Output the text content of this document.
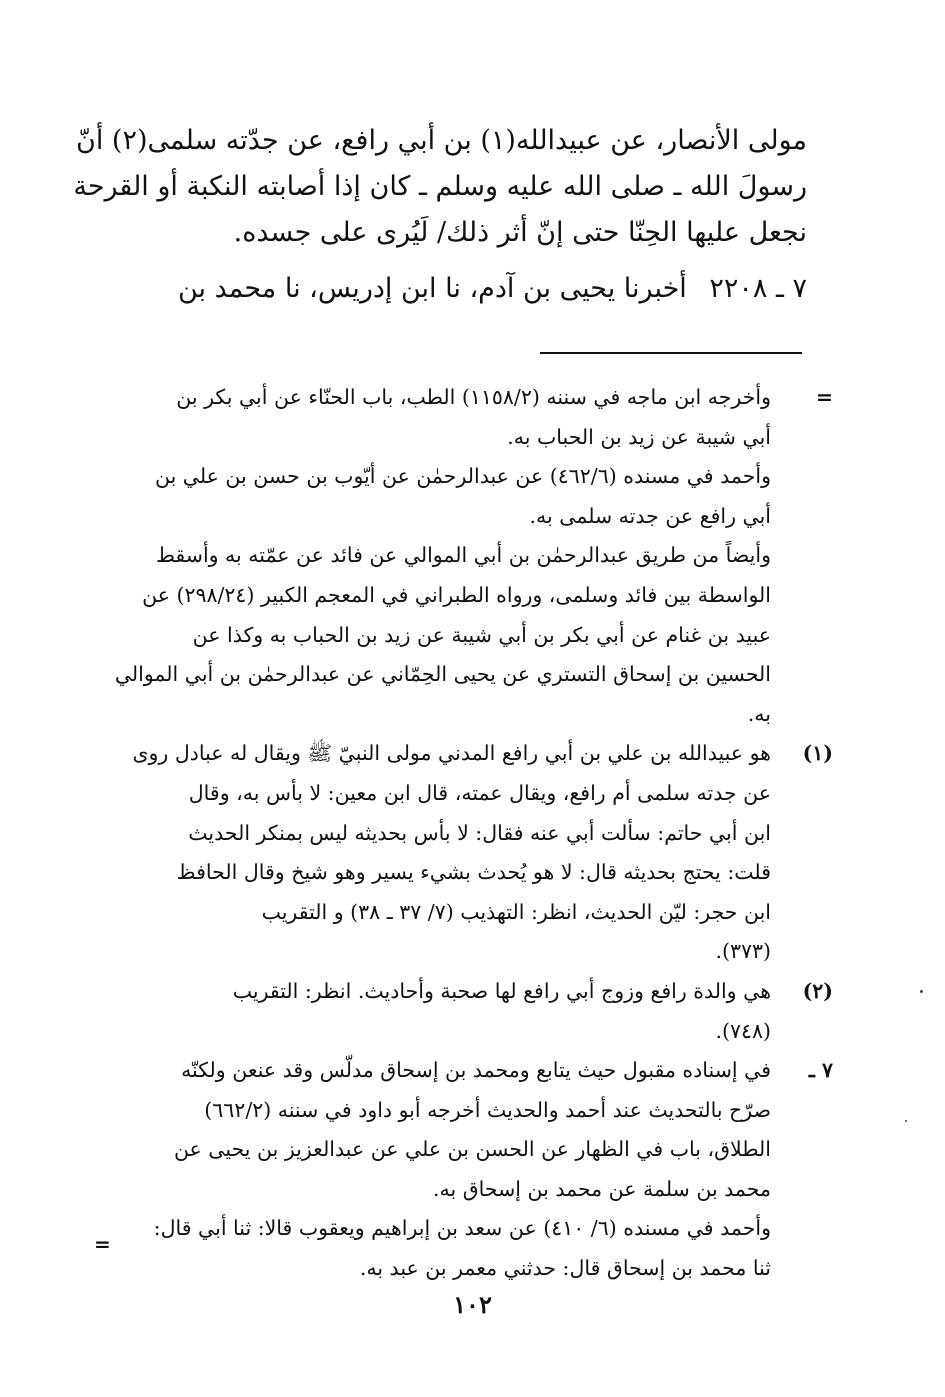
مولى الأنصار، عن عبيدالله(١) بن أبي رافع، عن جدّته سلمى(٢) أنّ
رسولَ الله ـ صلى الله عليه وسلم ـ كان إذا أصابته النكبة أو القرحة
نجعل عليها الحِنّا حتى إنّ أثر ذلك/ لَيُرى على جسده.
٧ ـ ٢٢٠٨ أخبرنا يحيى بن آدم، نا ابن إدريس، نا محمد بن
=
وأخرجه ابن ماجه في سننه (١١٥٨/٢) الطب، باب الحنّاء عن أبي بكر بن
أبي شيبة عن زيد بن الحباب به.
وأحمد في مسنده (٤٦٢/٦) عن عبدالرحمٰن عن أيّوب بن حسن بن علي بن
أبي رافع عن جدته سلمى به.
وأيضاً من طريق عبدالرحمٰن بن أبي الموالي عن فائد عن عمّته به وأسقط
الواسطة بين فائد وسلمى، ورواه الطبراني في المعجم الكبير (٢٩٨/٢٤) عن
عبيد بن غنام عن أبي بكر بن أبي شيبة عن زيد بن الحباب به وكذا عن
الحسين بن إسحاق التستري عن يحيى الحِمّاني عن عبدالرحمٰن بن أبي الموالي
به.
(١)
هو عبيدالله بن علي بن أبي رافع المدني مولى النبيّ ﷺ ويقال له عبادل روى
عن جدته سلمى أم رافع، ويقال عمته، قال ابن معين: لا بأس به، وقال
ابن أبي حاتم: سألت أبي عنه فقال: لا بأس بحديثه ليس بمنكر الحديث
قلت: يحتج بحديثه قال: لا هو يُحدث بشيء يسير وهو شيخ وقال الحافظ
ابن حجر: ليّن الحديث، انظر: التهذيب (٧/ ٣٧ ـ ٣٨) و التقريب
(٣٧٣).
(٢)
هي والدة رافع وزوج أبي رافع لها صحبة وأحاديث. انظر: التقريب
(٧٤٨).
٧ ـ
في إسناده مقبول حيث يتابع ومحمد بن إسحاق مدلّس وقد عنعن ولكنّه
صرّح بالتحديث عند أحمد والحديث أخرجه أبو داود في سننه (٦٦٢/٢)
الطلاق، باب في الظهار عن الحسن بن علي عن عبدالعزيز بن يحيى عن
محمد بن سلمة عن محمد بن إسحاق به.
وأحمد في مسنده (٦/ ٤١٠) عن سعد بن إبراهيم ويعقوب قالا: ثنا أبي قال:
ثنا محمد بن إسحاق قال: حدثني معمر بن عبد به.
=
١٠٢
